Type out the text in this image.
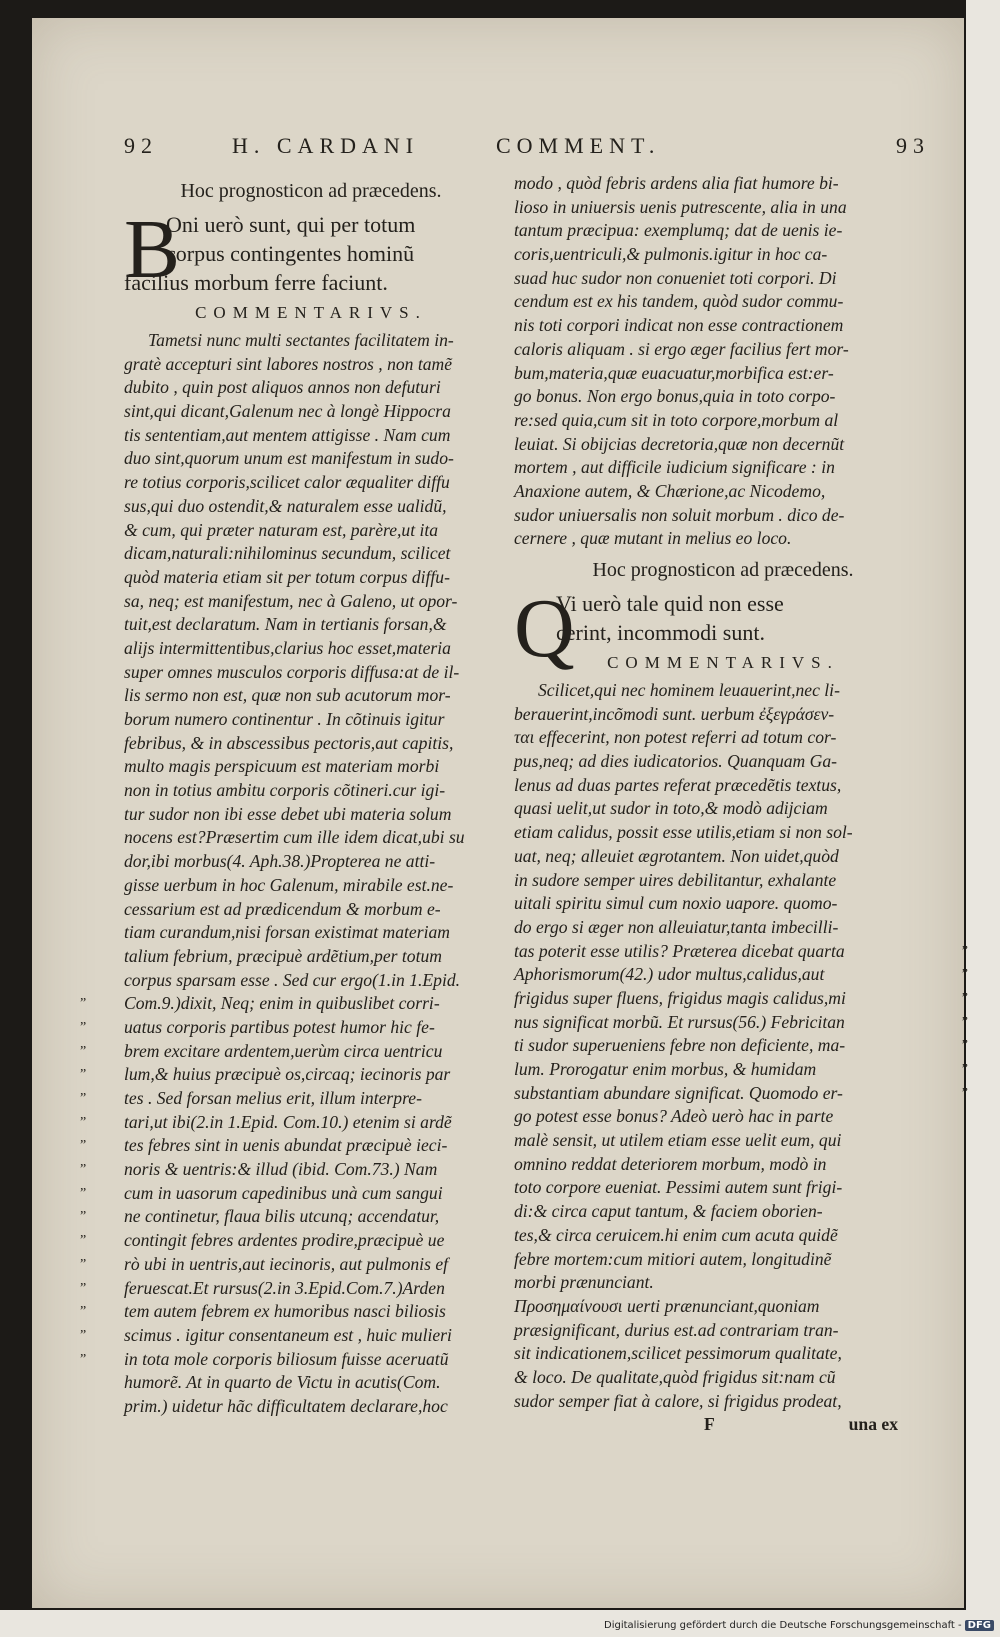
92	H. CARDANI	COMMENT.	93
Hoc prognosticon ad præcedens.
B
Oni uerò sunt, qui per totum
corpus contingentes hominũ
facilius morbum ferre faciunt.
COMMENTARIVS.
Tametsi nunc multi sectantes facilitatem in-
gratè accepturi sint labores nostros , non tamẽ
dubito , quin post aliquos annos non defuturi
sint,qui dicant,Galenum nec à longè Hippocra
tis sententiam,aut mentem attigisse . Nam cum
duo sint,quorum unum est manifestum in sudo-
re totius corporis,scilicet calor æqualiter diffu
sus,qui duo ostendit,& naturalem esse ualidũ,
& cum, qui præter naturam est, parère,ut ita
dicam,naturali:nihilominus secundum, scilicet
quòd materia etiam sit per totum corpus diffu-
sa, neq; est manifestum, nec à Galeno, ut opor-
tuit,est declaratum. Nam in tertianis forsan,&
alijs intermittentibus,clarius hoc esset,materia
super omnes musculos corporis diffusa:at de il-
lis sermo non est, quæ non sub acutorum mor-
borum numero continentur . In cõtinuis igitur
febribus, & in abscessibus pectoris,aut capitis,
multo magis perspicuum est materiam morbi
non in totius ambitu corporis cõtineri.cur igi-
tur sudor non ibi esse debet ubi materia solum
nocens est?Præsertim cum ille idem dicat,ubi su
dor,ibi morbus(4. Aph.38.)Propterea ne atti-
gisse uerbum in hoc Galenum, mirabile est.ne-
cessarium est ad prædicendum & morbum e-
tiam curandum,nisi forsan existimat materiam
talium febrium, præcipuè ardẽtium,per totum
corpus sparsam esse . Sed cur ergo(1.in 1.Epid.
Com.9.)dixit, Neq; enim in quibuslibet corri-
”
uatus corporis partibus potest humor hic fe-
”
brem excitare ardentem,uerùm circa uentricu
”
lum,& huius præcipuè os,circaq; iecinoris par
”
tes . Sed forsan melius erit, illum interpre-
”
tari,ut ibi(2.in 1.Epid. Com.10.) etenim si ardẽ
”
tes febres sint in uenis abundat præcipuè ieci-
”
noris & uentris:& illud (ibid. Com.73.) Nam
”
cum in uasorum capedinibus unà cum sangui
”
ne continetur, flaua bilis utcunq; accendatur,
”
contingit febres ardentes prodire,præcipuè ue
”
rò ubi in uentris,aut iecinoris, aut pulmonis ef
”
feruescat.Et rursus(2.in 3.Epid.Com.7.)Arden
”
tem autem febrem ex humoribus nasci biliosis
”
scimus . igitur consentaneum est , huic mulieri
”
in tota mole corporis biliosum fuisse aceruatũ
”
humorẽ. At in quarto de Victu in acutis(Com.
prim.) uidetur hãc difficultatem declarare,hoc
modo , quòd febris ardens alia fiat humore bi-
lioso in uniuersis uenis putrescente, alia in una
tantum præcipua: exemplumq; dat de uenis ie-
coris,uentriculi,& pulmonis.igitur in hoc ca-
suad huc sudor non conueniet toti corpori. Di
cendum est ex his tandem, quòd sudor commu-
nis toti corpori indicat non esse contractionem
caloris aliquam . si ergo æger facilius fert mor-
bum,materia,quæ euacuatur,morbifica est:er-
go bonus. Non ergo bonus,quia in toto corpo-
re:sed quia,cum sit in toto corpore,morbum al
leuiat. Si obijcias decretoria,quæ non decernũt
mortem , aut difficile iudicium significare : in
Anaxione autem, & Chærione,ac Nicodemo,
sudor uniuersalis non soluit morbum . dico de-
cernere , quæ mutant in melius eo loco.
Hoc prognosticon ad præcedens.
Q
Vi uerò tale quid non esse
cerint, incommodi sunt.
COMMENTARIVS.
Scilicet,qui nec hominem leuauerint,nec li-
berauerint,incõmodi sunt. uerbum ἐξεγράσεν-
ται effecerint, non potest referri ad totum cor-
pus,neq; ad dies iudicatorios. Quanquam Ga-
lenus ad duas partes referat præcedẽtis textus,
quasi uelit,ut sudor in toto,& modò adijciam
etiam calidus, possit esse utilis,etiam si non sol-
uat, neq; alleuiet ægrotantem. Non uidet,quòd
in sudore semper uires debilitantur, exhalante
uitali spiritu simul cum noxio uapore. quomo-
do ergo si æger non alleuiatur,tanta imbecilli-
tas poterit esse utilis? Præterea dicebat quarta	”
Aphorismorum(42.) udor multus,calidus,aut	”
frigidus super fluens, frigidus magis calidus,mi	”
nus significat morbũ. Et rursus(56.) Febricitan	”
ti sudor superueniens febre non deficiente, ma-	”
lum. Prorogatur enim morbus, & humidam	”
substantiam abundare significat. Quomodo er-	”
go potest esse bonus? Adeò uerò hac in parte
malè sensit, ut utilem etiam esse uelit eum, qui
omnino reddat deteriorem morbum, modò in
toto corpore eueniat. Pessimi autem sunt frigi-
di:& circa caput tantum, & faciem oborien-
tes,& circa ceruicem.hi enim cum acuta quidẽ
febre mortem:cum mitiori autem, longitudinẽ
morbi prænunciant.
Προσημαίνουσι uerti prænunciant,quoniam
præsignificant, durius est.ad contrariam tran-
sit indicationem,scilicet pessimorum qualitate,
& loco. De qualitate,quòd frigidus sit:nam cũ
sudor semper fiat à calore, si frigidus prodeat,
F	una ex
Digitalisierung gefördert durch die Deutsche Forschungsgemeinschaft - DFG
